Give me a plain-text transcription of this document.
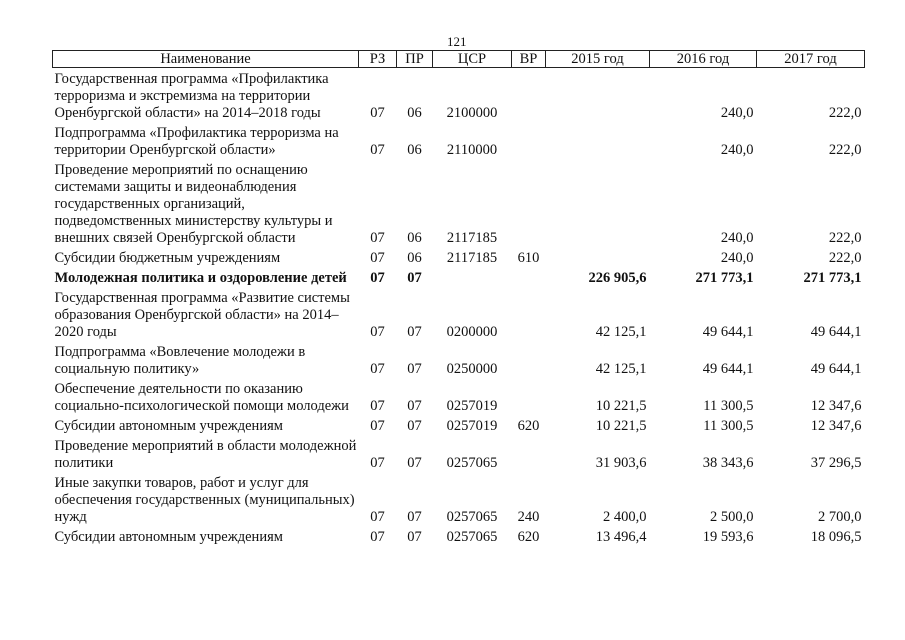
121
Наименование	РЗ	ПР	ЦСР	ВР	2015 год	2016 год	2017 год
Государственная программа «Профилактика терроризма и экстремизма на территории Оренбургской области» на 2014–2018 годы	07	06	2100000			240,0	222,0
Подпрограмма «Профилактика терроризма на территории Оренбургской области»	07	06	2110000			240,0	222,0
Проведение мероприятий по оснащению системами защиты и видеонаблюдения государственных организаций, подведомственных министерству культуры и внешних связей Оренбургской области	07	06	2117185			240,0	222,0
Субсидии бюджетным учреждениям	07	06	2117185	610		240,0	222,0
Молодежная политика и оздоровление детей	07	07			226 905,6	271 773,1	271 773,1
Государственная программа «Развитие системы образования Оренбургской области» на 2014–2020 годы	07	07	0200000		42 125,1	49 644,1	49 644,1
Подпрограмма «Вовлечение молодежи в социальную политику»	07	07	0250000		42 125,1	49 644,1	49 644,1
Обеспечение деятельности по оказанию социально-психологической помощи молодежи	07	07	0257019		10 221,5	11 300,5	12 347,6
Субсидии автономным учреждениям	07	07	0257019	620	10 221,5	11 300,5	12 347,6
Проведение мероприятий в области молодежной политики	07	07	0257065		31 903,6	38 343,6	37 296,5
Иные закупки товаров, работ и услуг для обеспечения государственных (муниципальных) нужд	07	07	0257065	240	2 400,0	2 500,0	2 700,0
Субсидии автономным учреждениям	07	07	0257065	620	13 496,4	19 593,6	18 096,5
